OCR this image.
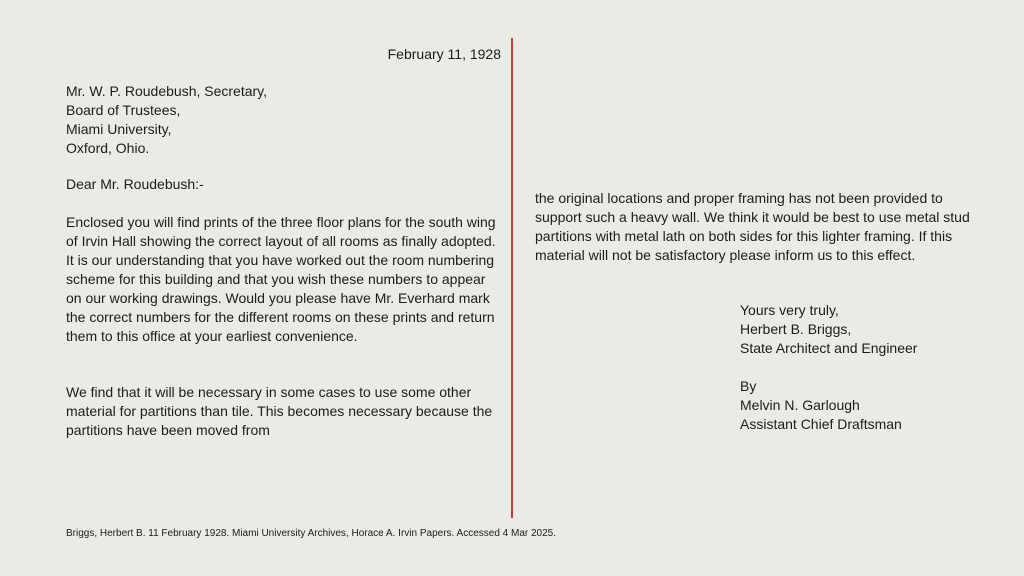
February 11, 1928
Mr. W. P. Roudebush, Secretary,
Board of Trustees,
Miami University,
Oxford, Ohio.
Dear Mr. Roudebush:-
Enclosed you will find prints of the three floor plans for the south wing of Irvin Hall showing the correct layout of all rooms as finally adopted. It is our understanding that you have worked out the room numbering scheme for this building and that you wish these numbers to appear on our working drawings. Would you please have Mr. Everhard mark the correct numbers for the different rooms on these prints and return them to this office at your earliest convenience.
We find that it will be necessary in some cases to use some other material for partitions than tile. This becomes necessary because the partitions have been moved from
the original locations and proper framing has not been provided to support such a heavy wall. We think it would be best to use metal stud partitions with metal lath on both sides for this lighter framing. If this material will not be satisfactory please inform us to this effect.
Yours very truly,
Herbert B. Briggs,
State Architect and Engineer
By
Melvin N. Garlough
Assistant Chief Draftsman
Briggs, Herbert B. 11 February 1928. Miami University Archives, Horace A. Irvin Papers. Accessed 4 Mar 2025.
